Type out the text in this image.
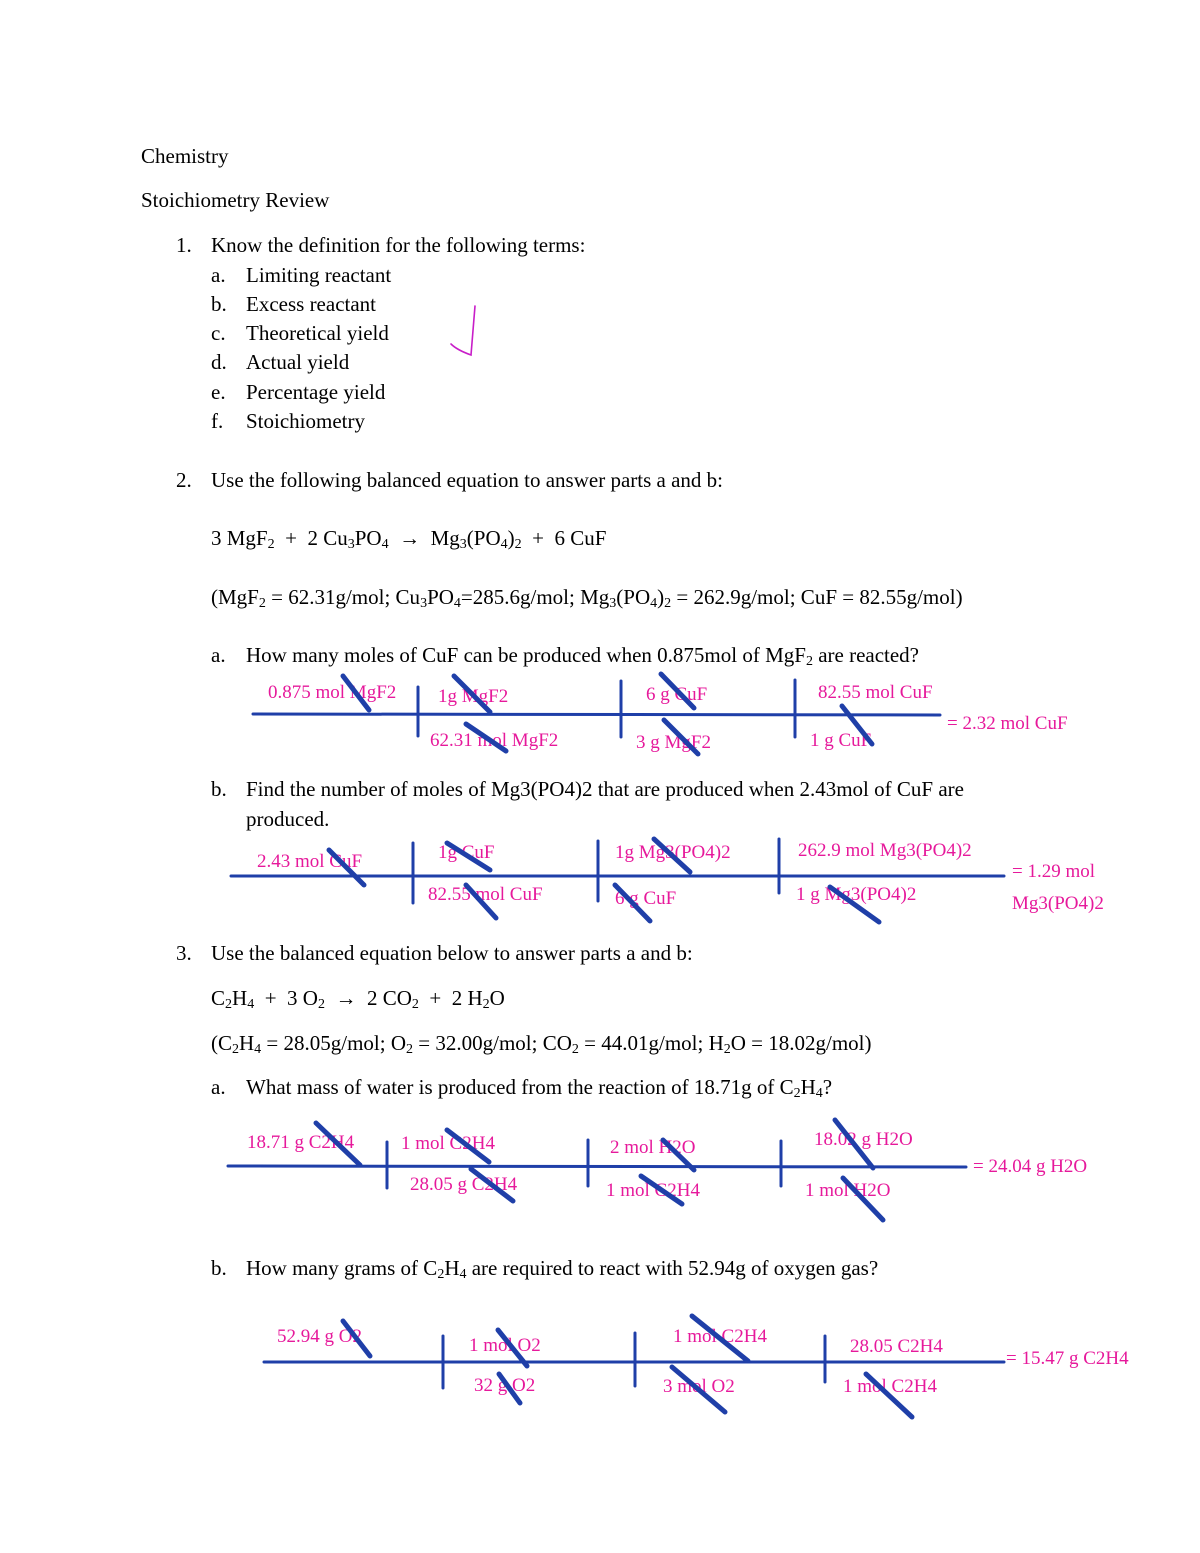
Chemistry
Stoichiometry Review
1. Know the definition for the following terms:
a. Limiting reactant
b. Excess reactant
c. Theoretical yield
d. Actual yield
e. Percentage yield
f. Stoichiometry
2. Use the following balanced equation to answer parts a and b:
3 MgF$_2$  +  2 $Cu_3PO_4 \to Mg_3(PO_4)_2 + 6$ CuF
(MgF$_2$ = 62.31g/mol; $Cu_3PO_4=285.6g$/mol; $Mg_3(PO_4)_2 = 262.9g/mol$; CuF = 82.55g/mol)
a. How many moles of CuF can be produced when 0.875mol of MgF$_2$ are reacted?
0.875 mol MgF2 1g MgF2
62.31 mol MgF2
6 g CuF
3 g MgF2
82.55 mol CuF
1 g CuF
= 2.32 mol CuF
b. Find the number of moles of Mg3(PO4)2 that are produced when 2.43mol of CuF are
produced.
2.43 mol CuF	1g CuF
82.55 mol CuF
1g Mg3(PO4)2
6 g CuF
262.9 mol Mg3(PO4)2
1 g Mg3(PO4)2
= 1.29 mol
Mg3(PO4)2
3. Use the balanced equation below to answer parts a and b:
$C_2H_4 + 3$ $O_2 \to 2$ $CO_2 + 2$ $H_2O$
($C_2H_4 = 28.05g/mol$; $O_2 = 32.00g/mol$; $CO_2 = 44.01g/mol$; $H_2O = 18.02g/mol$)
a. What mass of water is produced from the reaction of 18.71g of $C_2H_4$?
18.71 g C2H4 1 mol C2H4
28.05 g C2H4
2 mol H2O
1 mol C2H4
18.02 g H2O
1 mol H2O
= 24.04 g H2O
b. How many grams of $C_2H_4$ are required to react with 52.94g of oxygen gas?
52.94 g O2	1 mol O2
32 g O2
1 mol C2H4
3 mol O2
28.05 C2H4
1 mol C2H4
= 15.47 g C2H4
